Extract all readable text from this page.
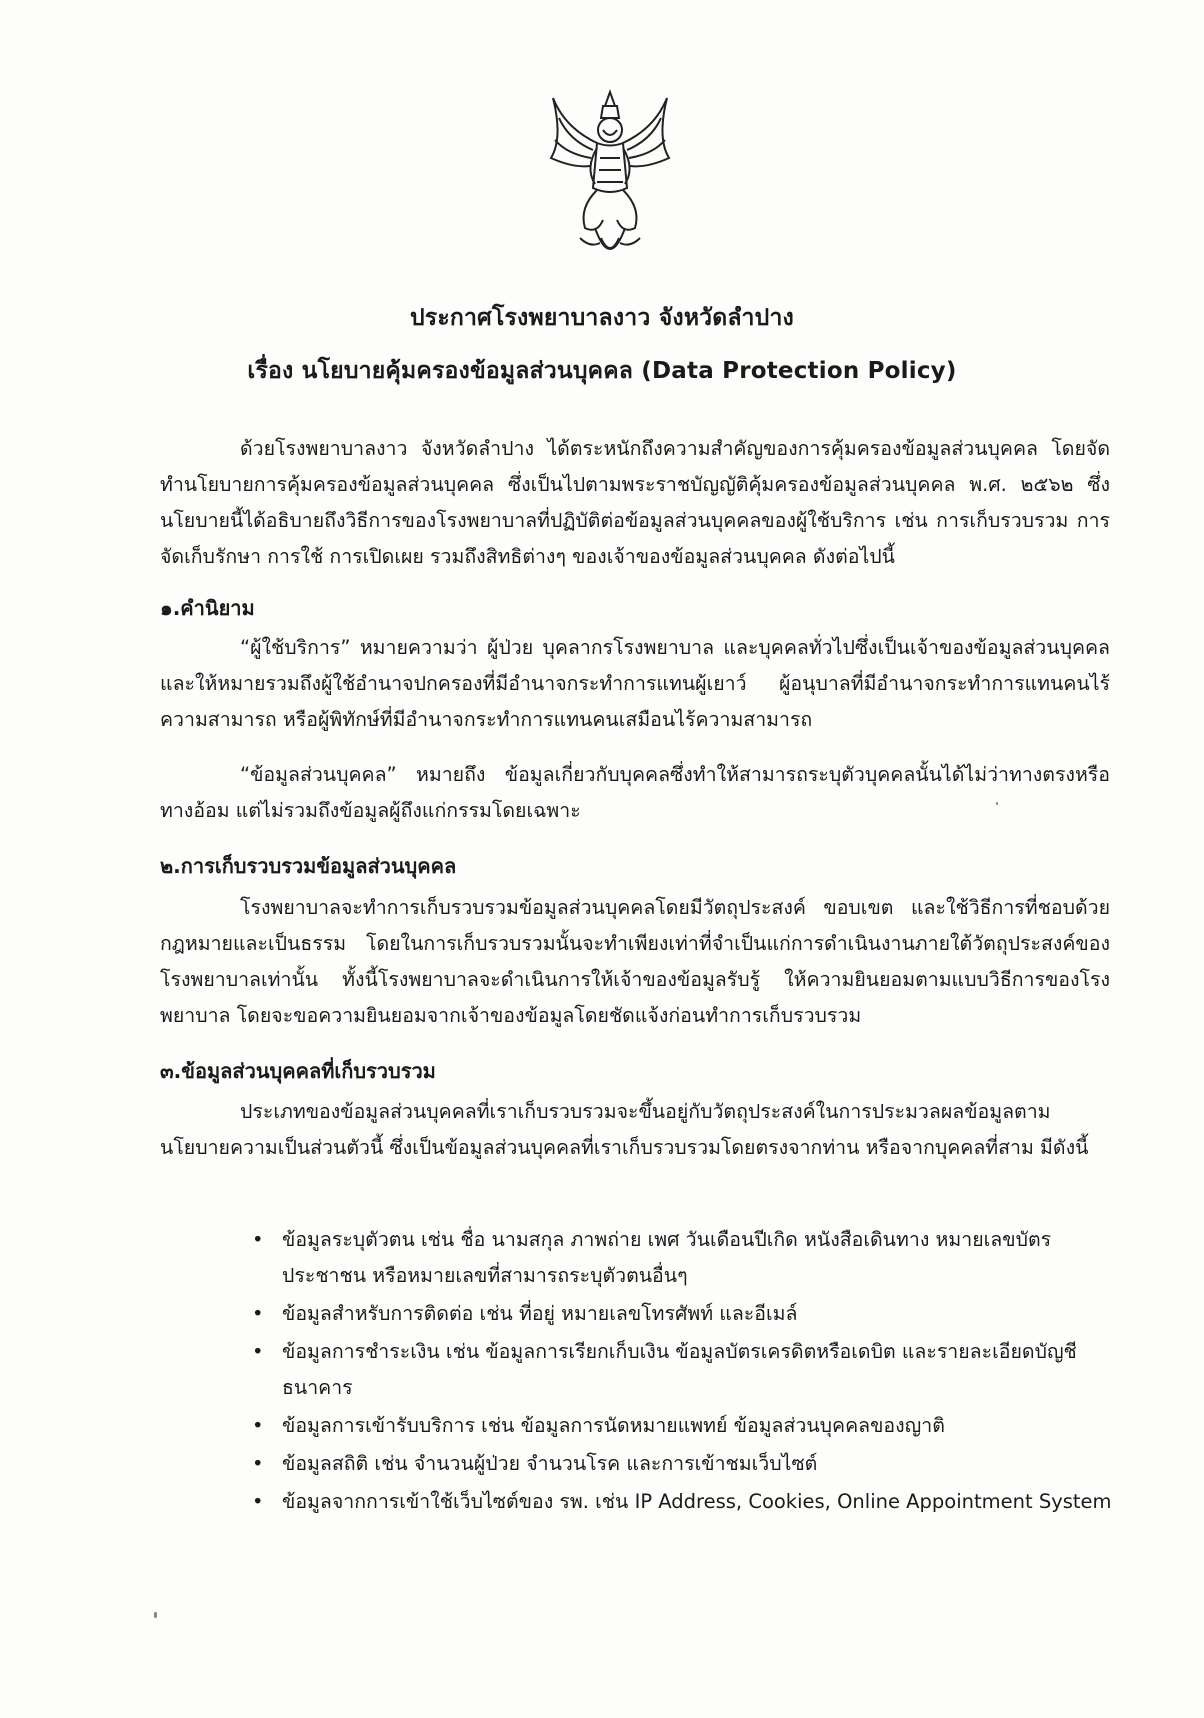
ประกาศโรงพยาบาลงาว จังหวัดลำปาง
เรื่อง นโยบายคุ้มครองข้อมูลส่วนบุคคล (Data Protection Policy)
ด้วยโรงพยาบาลงาว จังหวัดลำปาง ได้ตระหนักถึงความสำคัญของการคุ้มครองข้อมูลส่วนบุคคล โดยจัดทำนโยบายการคุ้มครองข้อมูลส่วนบุคคล ซึ่งเป็นไปตามพระราชบัญญัติคุ้มครองข้อมูลส่วนบุคคล พ.ศ. ๒๕๖๒ ซึ่งนโยบายนี้ได้อธิบายถึงวิธีการของโรงพยาบาลที่ปฏิบัติต่อข้อมูลส่วนบุคคลของผู้ใช้บริการ เช่น การเก็บรวบรวม การจัดเก็บรักษา การใช้ การเปิดเผย รวมถึงสิทธิต่างๆ ของเจ้าของข้อมูลส่วนบุคคล ดังต่อไปนี้
๑.คำนิยาม
“ผู้ใช้บริการ” หมายความว่า ผู้ป่วย บุคลากรโรงพยาบาล และบุคคลทั่วไปซึ่งเป็นเจ้าของข้อมูลส่วนบุคคล และให้หมายรวมถึงผู้ใช้อำนาจปกครองที่มีอำนาจกระทำการแทนผู้เยาว์ ผู้อนุบาลที่มีอำนาจกระทำการแทนคนไร้ความสามารถ หรือผู้พิทักษ์ที่มีอำนาจกระทำการแทนคนเสมือนไร้ความสามารถ
“ข้อมูลส่วนบุคคล” หมายถึง ข้อมูลเกี่ยวกับบุคคลซึ่งทำให้สามารถระบุตัวบุคคลนั้นได้ไม่ว่าทางตรงหรือทางอ้อม แต่ไม่รวมถึงข้อมูลผู้ถึงแก่กรรมโดยเฉพาะ
๒.การเก็บรวบรวมข้อมูลส่วนบุคคล
โรงพยาบาลจะทำการเก็บรวบรวมข้อมูลส่วนบุคคลโดยมีวัตถุประสงค์ ขอบเขต และใช้วิธีการที่ชอบด้วยกฎหมายและเป็นธรรม โดยในการเก็บรวบรวมนั้นจะทำเพียงเท่าที่จำเป็นแก่การดำเนินงานภายใต้วัตถุประสงค์ของโรงพยาบาลเท่านั้น ทั้งนี้โรงพยาบาลจะดำเนินการให้เจ้าของข้อมูลรับรู้ ให้ความยินยอมตามแบบวิธีการของโรงพยาบาล โดยจะขอความยินยอมจากเจ้าของข้อมูลโดยชัดแจ้งก่อนทำการเก็บรวบรวม
๓.ข้อมูลส่วนบุคคลที่เก็บรวบรวม
ประเภทของข้อมูลส่วนบุคคลที่เราเก็บรวบรวมจะขึ้นอยู่กับวัตถุประสงค์ในการประมวลผลข้อมูลตามนโยบายความเป็นส่วนตัวนี้ ซึ่งเป็นข้อมูลส่วนบุคคลที่เราเก็บรวบรวมโดยตรงจากท่าน หรือจากบุคคลที่สาม มีดังนี้
• ข้อมูลระบุตัวตน เช่น ชื่อ นามสกุล ภาพถ่าย เพศ วันเดือนปีเกิด หนังสือเดินทาง หมายเลขบัตรประชาชน หรือหมายเลขที่สามารถระบุตัวตนอื่นๆ
• ข้อมูลสำหรับการติดต่อ เช่น ที่อยู่ หมายเลขโทรศัพท์ และอีเมล์
• ข้อมูลการชำระเงิน เช่น ข้อมูลการเรียกเก็บเงิน ข้อมูลบัตรเครดิตหรือเดบิต และรายละเอียดบัญชีธนาคาร
• ข้อมูลการเข้ารับบริการ เช่น ข้อมูลการนัดหมายแพทย์ ข้อมูลส่วนบุคคลของญาติ
• ข้อมูลสถิติ เช่น จำนวนผู้ป่วย จำนวนโรค และการเข้าชมเว็บไซต์
• ข้อมูลจากการเข้าใช้เว็บไซต์ของ รพ. เช่น IP Address, Cookies, Online Appointment System
